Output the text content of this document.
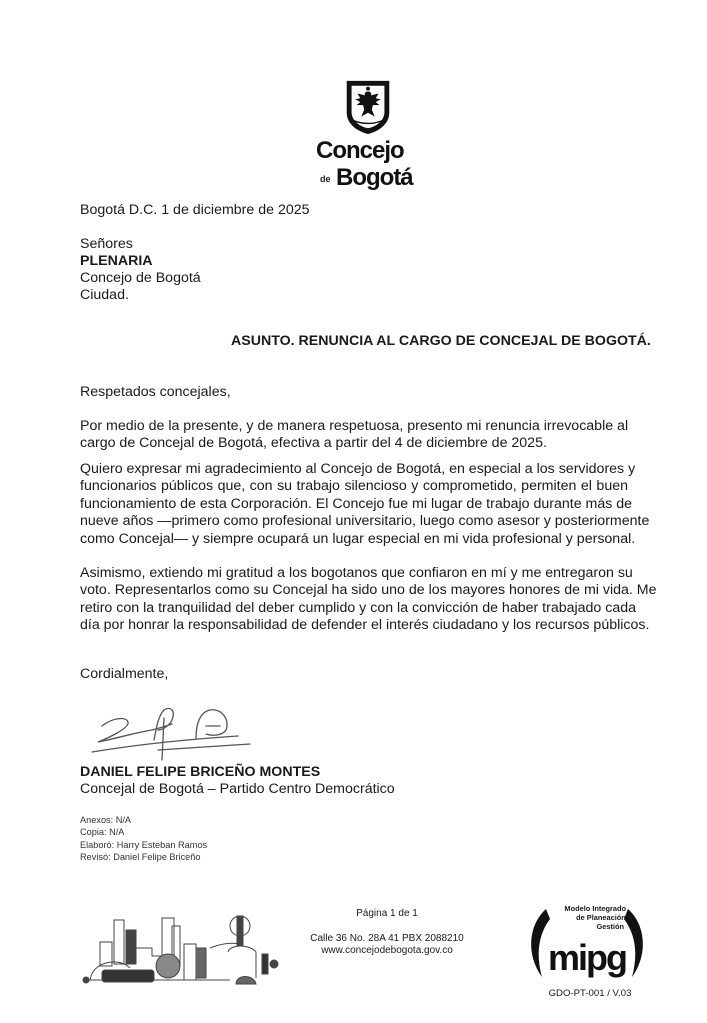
Concejo
de Bogotá
Bogotá D.C. 1 de diciembre de 2025
Señores
PLENARIA
Concejo de Bogotá
Ciudad.
ASUNTO. RENUNCIA AL CARGO DE CONCEJAL DE BOGOTÁ.
Respetados concejales,
Por medio de la presente, y de manera respetuosa, presento mi renuncia irrevocable al
cargo de Concejal de Bogotá, efectiva a partir del 4 de diciembre de 2025.
Quiero expresar mi agradecimiento al Concejo de Bogotá, en especial a los servidores y
funcionarios públicos que, con su trabajo silencioso y comprometido, permiten el buen
funcionamiento de esta Corporación. El Concejo fue mi lugar de trabajo durante más de
nueve años —primero como profesional universitario, luego como asesor y posteriormente
como Concejal— y siempre ocupará un lugar especial en mi vida profesional y personal.
Asimismo, extiendo mi gratitud a los bogotanos que confiaron en mí y me entregaron su
voto. Representarlos como su Concejal ha sido uno de los mayores honores de mi vida. Me
retiro con la tranquilidad del deber cumplido y con la convicción de haber trabajado cada
día por honrar la responsabilidad de defender el interés ciudadano y los recursos públicos.
Cordialmente,
DANIEL FELIPE BRICEÑO MONTES
Concejal de Bogotá – Partido Centro Democrático
Anexos: N/A
Copia: N/A
Elaboró: Harry Esteban Ramos
Revisó: Daniel Felipe Briceño
Página 1 de 1
Calle 36 No. 28A 41 PBX 2088210
www.concejodebogota.gov.co
Modelo Integrado
de Planeación y
Gestión
mipg
GDO-PT-001 / V.03
